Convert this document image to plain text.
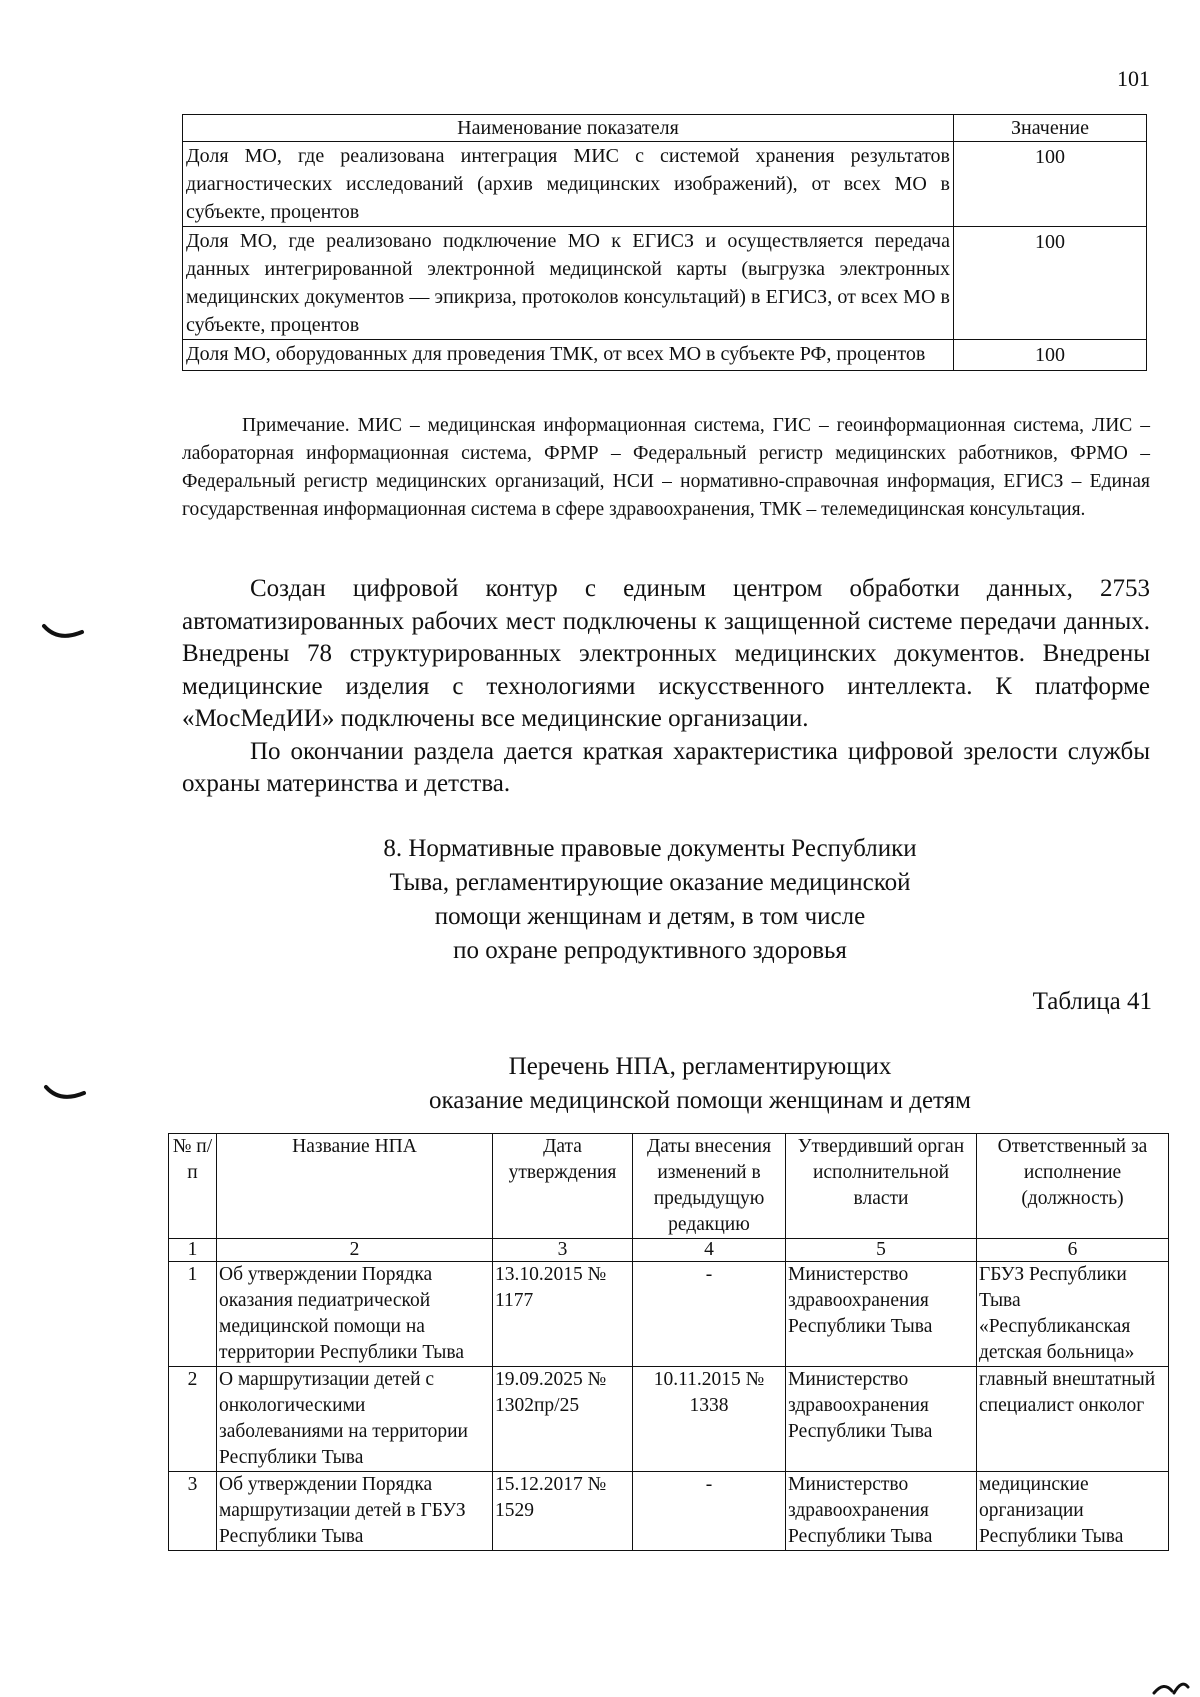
101
Наименование показателя	Значение
Доля МО, где реализована интеграция МИС с системой хранения результатов диагностических исследований (архив медицинских изображений), от всех МО в субъекте, процентов	100
Доля МО, где реализовано подключение МО к ЕГИСЗ и осуществляется передача данных интегрированной электронной медицинской карты (выгрузка электронных медицинских документов — эпикриза, протоколов консультаций) в ЕГИСЗ, от всех МО в субъекте, процентов	100
Доля МО, оборудованных для проведения ТМК, от всех МО в субъекте РФ, процентов	100

Примечание. МИС – медицинская информационная система, ГИС – геоинформационная система, ЛИС – лабораторная информационная система, ФРМР – Федеральный регистр медицинских работников, ФРМО – Федеральный регистр медицинских организаций, НСИ – нормативно-справочная информация, ЕГИСЗ – Единая государственная информационная система в сфере здравоохранения, ТМК – телемедицинская консультация.

Создан цифровой контур с единым центром обработки данных, 2753 автоматизированных рабочих мест подключены к защищенной системе передачи данных. Внедрены 78 структурированных электронных медицинских документов. Внедрены медицинские изделия с технологиями искусственного интеллекта. К платформе «МосМедИИ» подключены все медицинские организации.

По окончании раздела дается краткая характеристика цифровой зрелости службы охраны материнства и детства.

8. Нормативные правовые документы Республики
Тыва, регламентирующие оказание медицинской
помощи женщинам и детям, в том числе
по охране репродуктивного здоровья
Таблица 41
Перечень НПА, регламентирующих
оказание медицинской помощи женщинам и детям
№ п/п	Название НПА	Дата утверждения	Даты внесения изменений в предыдущую редакцию	Утвердивший орган исполнительной власти	Ответственный за исполнение (должность)
1	2	3	4	5	6
1	Об утверждении Порядка оказания педиатрической медицинской помощи на территории Республики Тыва	13.10.2015 № 1177	-	Министерство здравоохранения Республики Тыва	ГБУЗ Республики Тыва «Республиканская детская больница»
2	О маршрутизации детей с онкологическими заболеваниями на территории Республики Тыва	19.09.2025 № 1302пр/25	10.11.2015 № 1338	Министерство здравоохранения Республики Тыва	главный внештатный специалист онколог
3	Об утверждении Порядка маршрутизации детей в ГБУЗ Республики Тыва	15.12.2017 № 1529	-	Министерство здравоохранения Республики Тыва	медицинские организации Республики Тыва
